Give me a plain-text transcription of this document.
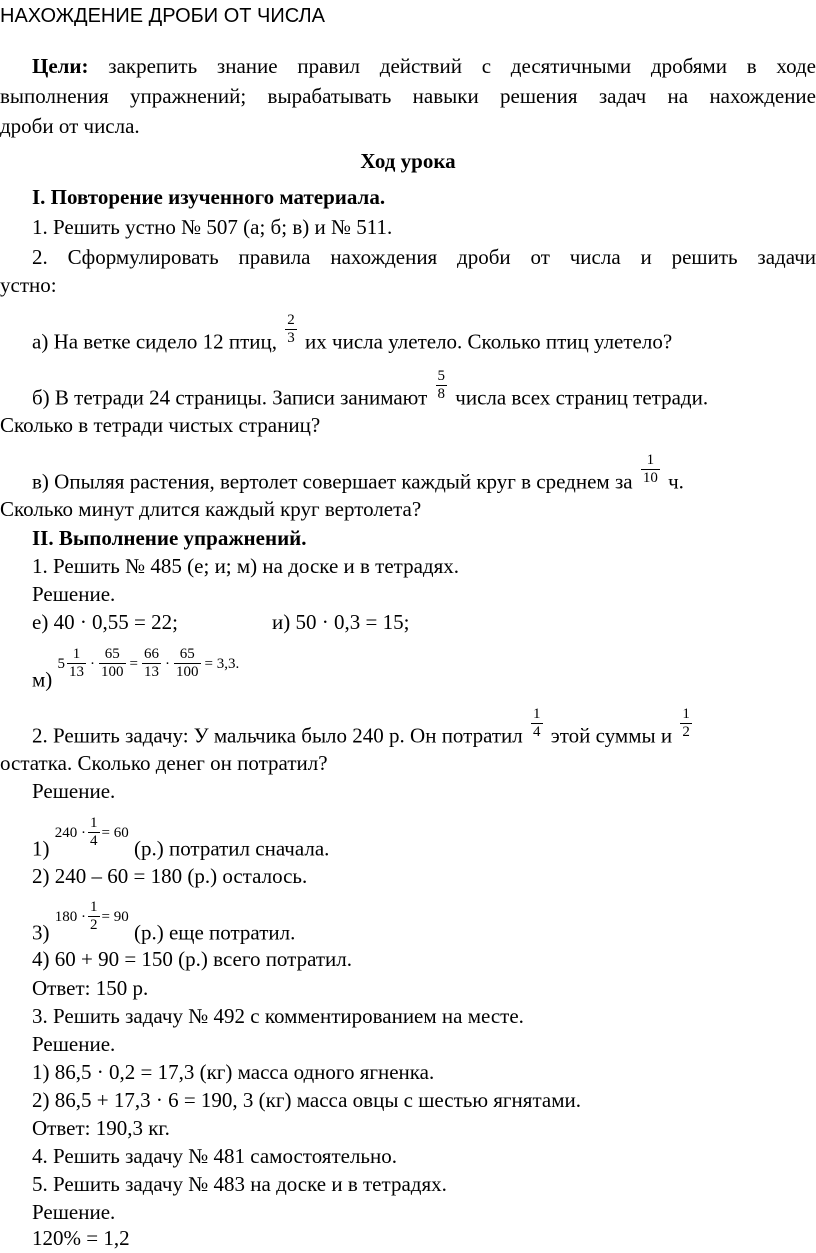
НАХОЖДЕНИЕ ДРОБИ ОТ ЧИСЛА
Цели: закрепить знание правил действий с десятичными дробями в ходе
выполнения упражнений; вырабатывать навыки решения задач на нахождение
дроби от числа.
Ход урока
I. Повторение изученного материала.
1. Решить устно № 507 (а; б; в) и № 511.
2. Сформулировать правила нахождения дроби от числа и решить задачи
устно:
а) На ветке сидело 12 птиц, $\frac{2}{3}$ их числа улетело. Сколько птиц улетело?
б) В тетради 24 страницы. Записи занимают $\frac{5}{8}$ числа всех страниц тетради.
Сколько в тетради чистых страниц?
в) Опыляя растения, вертолет совершает каждый круг в среднем за $\frac{1}{10} ч$.
Сколько минут длится каждый круг вертолета?
II. Выполнение упражнений.
1. Решить № 485 (е; и; м) на доске и в тетрадях.
Решение.
е) 40 · 0,55 = 22;	и) 50 · 0,3 = 15;
м)
$5 \frac{1}{13} \cdot \frac{65}{100} = \frac{66}{13} \cdot \frac{65}{100} = 3,3$.
2. Решить задачу: У мальчика было 240 р. Он потратил $\frac{1}{4}$ этой суммы и $\frac{1}{2}$
остатка. Сколько денег он потратил?
Решение.
1)
$240 \cdot \frac{1}{4} = 60$
(р.) потратил сначала.
2) 240 – 60 = 180 (р.) осталось.
3)
$180 \cdot \frac{1}{2} = 90$
(р.) еще потратил.
4) 60 + 90 = 150 (р.) всего потратил.
Ответ: 150 р.
3. Решить задачу № 492 с комментированием на месте.
Решение.
1) 86,5 · 0,2 = 17,3 (кг) масса одного ягненка.
2) 86,5 + 17,3 · 6 = 190, 3 (кг) масса овцы с шестью ягнятами.
Ответ: 190,3 кг.
4. Решить задачу № 481 самостоятельно.
5. Решить задачу № 483 на доске и в тетрадях.
Решение.
120% = 1,2
